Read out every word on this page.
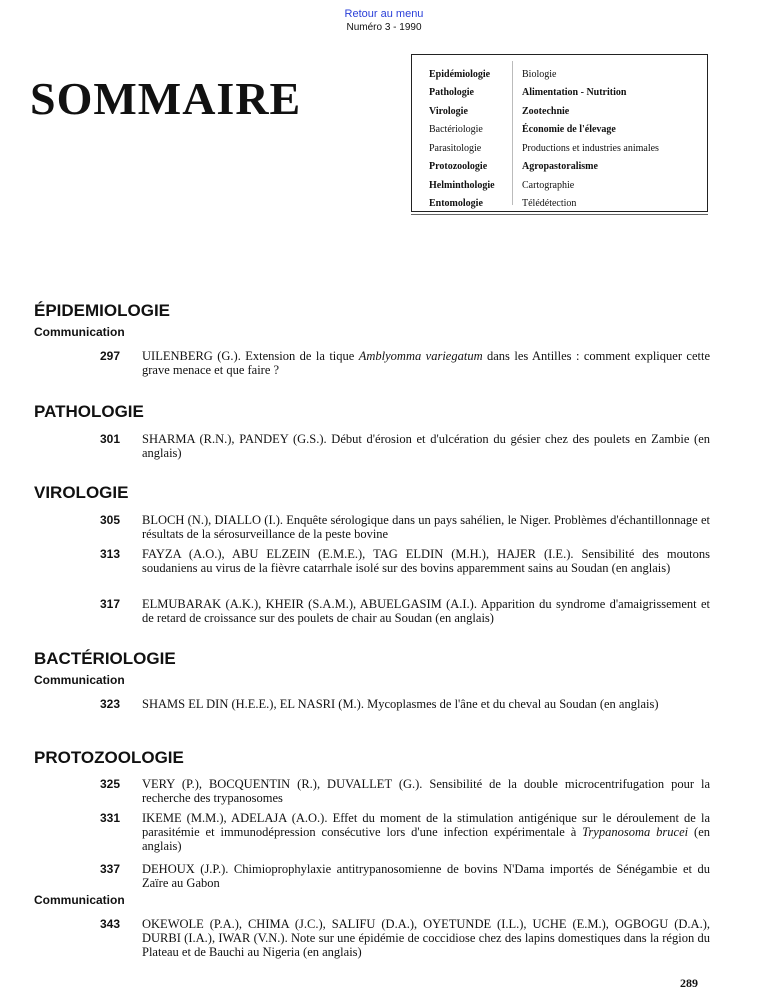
Retour au menu
Numéro 3 - 1990
SOMMAIRE	Epidémiologie	Biologie
Pathologie	Alimentation - Nutrition
Virologie	Zootechnie
Bactériologie	Économie de l'élevage
Parasitologie	Productions et industries animales
Protozoologie	Agropastoralisme
Helminthologie	Cartographie
Entomologie	Télédétection
ÉPIDEMIOLOGIE
Communication
297 UILENBERG (G.). Extension de la tique Amblyomma variegatum dans les Antilles : comment expliquer cette grave menace et que faire ?
PATHOLOGIE
301 SHARMA (R.N.), PANDEY (G.S.). Début d'érosion et d'ulcération du gésier chez des poulets en Zambie (en anglais)
VIROLOGIE
305 BLOCH (N.), DIALLO (I.). Enquête sérologique dans un pays sahélien, le Niger. Problèmes d'échantillonnage et résultats de la sérosurveillance de la peste bovine
313 FAYZA (A.O.), ABU ELZEIN (E.M.E.), TAG ELDIN (M.H.), HAJER (I.E.). Sensibilité des moutons soudaniens au virus de la fièvre catarrhale isolé sur des bovins apparemment sains au Soudan (en anglais)
317 ELMUBARAK (A.K.), KHEIR (S.A.M.), ABUELGASIM (A.I.). Apparition du syndrome d'amaigrissement et de retard de croissance sur des poulets de chair au Soudan (en anglais)
BACTÉRIOLOGIE
Communication
323 SHAMS EL DIN (H.E.E.), EL NASRI (M.). Mycoplasmes de l'âne et du cheval au Soudan (en anglais)
PROTOZOOLOGIE
325 VERY (P.), BOCQUENTIN (R.), DUVALLET (G.). Sensibilité de la double microcentrifugation pour la recherche des trypanosomes
331 IKEME (M.M.), ADELAJA (A.O.). Effet du moment de la stimulation antigénique sur le déroulement de la parasitémie et immunodépression consécutive lors d'une infection expérimentale à Trypanosoma brucei (en anglais)
337 DEHOUX (J.P.). Chimioprophylaxie antitrypanosomienne de bovins N'Dama importés de Sénégambie et du Zaïre au Gabon
Communication
343 OKEWOLE (P.A.), CHIMA (J.C.), SALIFU (D.A.), OYETUNDE (I.L.), UCHE (E.M.), OGBOGU (D.A.), DURBI (I.A.), IWAR (V.N.). Note sur une épidémie de coccidiose chez des lapins domestiques dans la région du Plateau et de Bauchi au Nigeria (en anglais)
289
